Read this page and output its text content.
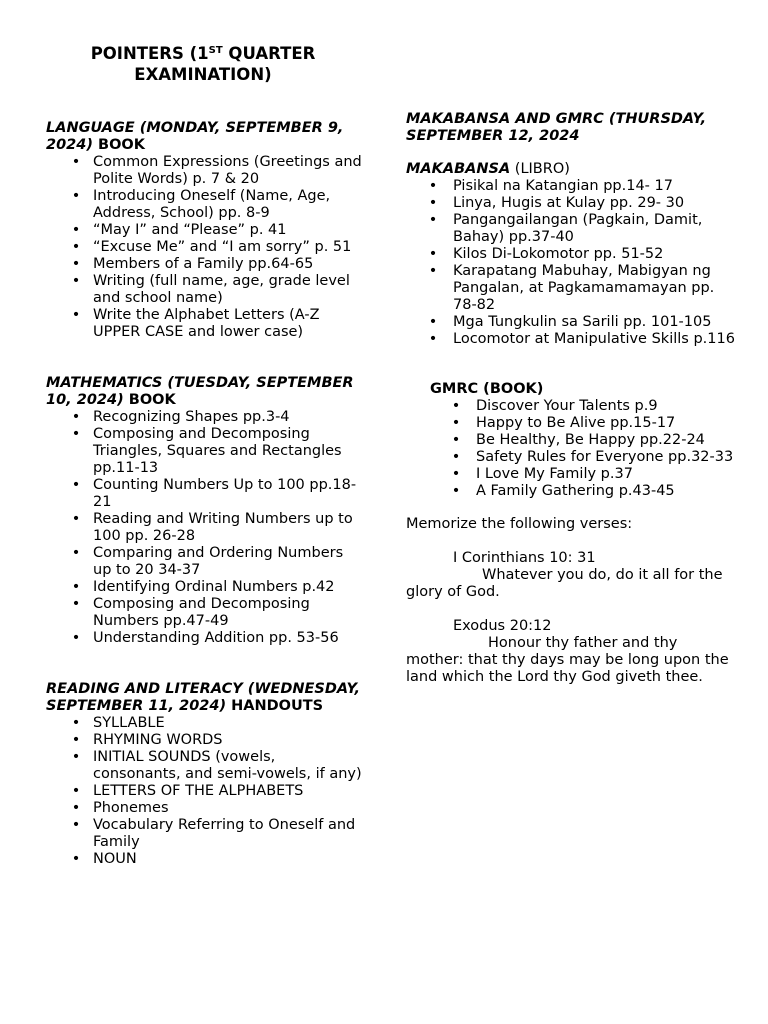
POINTERS (1ST QUARTER
EXAMINATION)
LANGUAGE (MONDAY, SEPTEMBER 9, 2024) BOOK
• Common Expressions (Greetings and Polite Words) p. 7 & 20
• Introducing Oneself (Name, Age, Address, School) pp. 8-9
• “May I” and “Please” p. 41
• “Excuse Me” and “I am sorry” p. 51
• Members of a Family pp.64-65
• Writing (full name, age, grade level and school name)
• Write the Alphabet Letters (A-Z UPPER CASE and lower case)
MATHEMATICS (TUESDAY, SEPTEMBER 10, 2024) BOOK
• Recognizing Shapes pp.3-4
• Composing and Decomposing Triangles, Squares and Rectangles pp.11-13
• Counting Numbers Up to 100 pp.18-21
• Reading and Writing Numbers up to 100 pp. 26-28
• Comparing and Ordering Numbers up to 20 34-37
• Identifying Ordinal Numbers p.42
• Composing and Decomposing Numbers pp.47-49
• Understanding Addition pp. 53-56
READING AND LITERACY (WEDNESDAY, SEPTEMBER 11, 2024) HANDOUTS
• SYLLABLE
• RHYMING WORDS
• INITIAL SOUNDS (vowels, consonants, and semi-vowels, if any)
• LETTERS OF THE ALPHABETS
• Phonemes
• Vocabulary Referring to Oneself and Family
• NOUN
MAKABANSA AND GMRC (THURSDAY, SEPTEMBER 12, 2024
MAKABANSA (LIBRO)
• Pisikal na Katangian pp.14- 17
• Linya, Hugis at Kulay pp. 29- 30
• Pangangailangan (Pagkain, Damit, Bahay) pp.37-40
• Kilos Di-Lokomotor pp. 51-52
• Karapatang Mabuhay, Mabigyan ng Pangalan, at Pagkamamamayan pp. 78-82
• Mga Tungkulin sa Sarili pp. 101-105
• Locomotor at Manipulative Skills p.116
GMRC (BOOK)
• Discover Your Talents p.9
• Happy to Be Alive pp.15-17
• Be Healthy, Be Happy pp.22-24
• Safety Rules for Everyone pp.32-33
• I Love My Family p.37
• A Family Gathering p.43-45
Memorize the following verses:
I Corinthians 10: 31
Whatever you do, do it all for the glory of God.
Exodus 20:12
Honour thy father and thy mother: that thy days may be long upon the land which the Lord thy God giveth thee.
